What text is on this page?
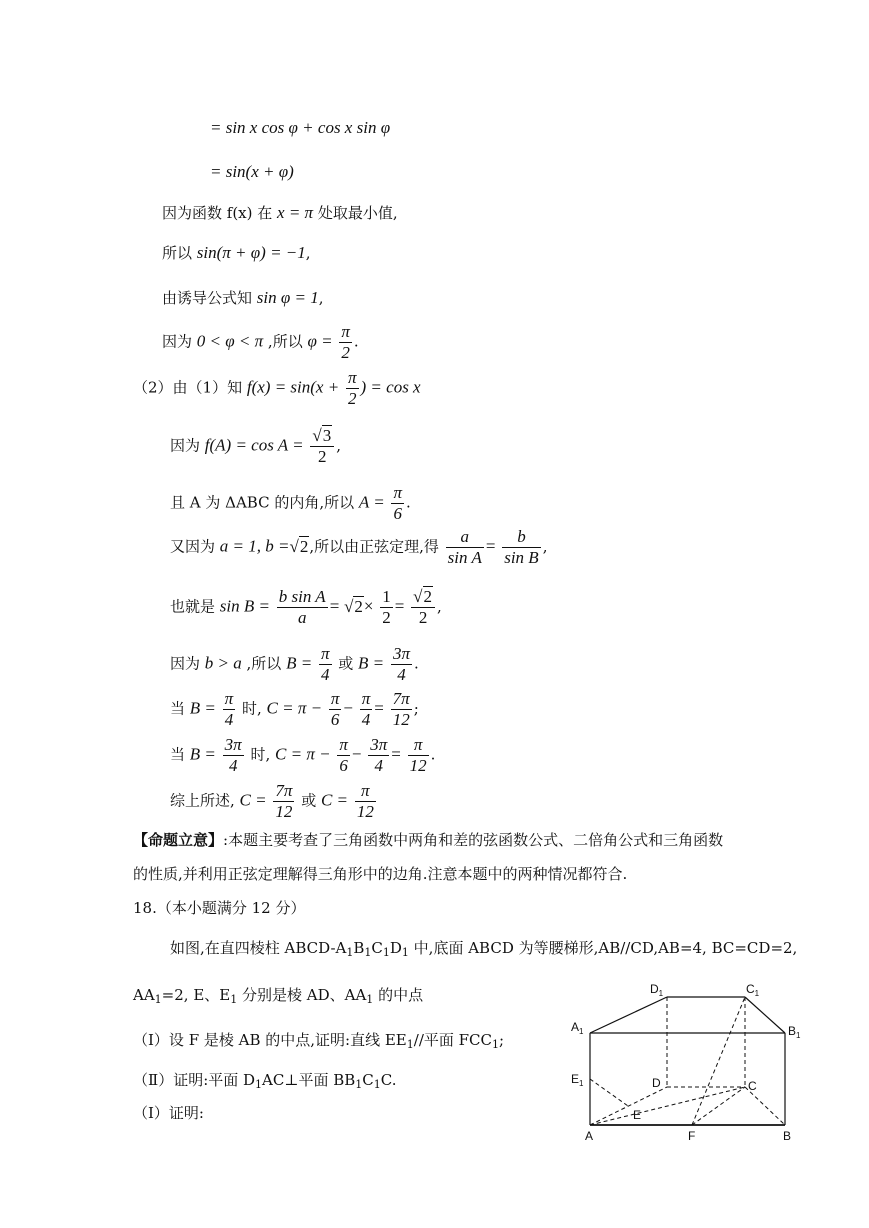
= sin x cos φ + cos x sin φ
= sin(x + φ)
因为函数 f(x) 在 x = π 处取最小值,
所以 sin(π + φ) = −1,
由诱导公式知 sin φ = 1,
因为 0 < φ < π ,所以 $\varphi = \frac{\pi}{2}$ .
（2）由（1）知 $f(x) = \sin(x + \frac{\pi}{2}$ ) = cos x
因为 $f(A) = \cos A = \frac{√3}{2}$ ,
且 A 为 ΔABC 的内角,所以 $A = \frac{\pi}{6}$ .
又因为 a = 1, b =√2,所以由正弦定理,得 $\frac{a}{\text{sin A}} = \frac{b}{\text{sin B}}$ ,
也就是 $\sin B = \frac{\text{b sin A}}{a} = √2\times \frac{1}{2} = \frac{√2}{2}$ ,
因为 b > a ,所以 $B = \frac{\pi}{4}$ 或 $B = \frac{3\pi}{4}$ .
当 $B = \frac{\pi}{4}$ 时, $C = \pi - \frac{\pi}{6} - \frac{\pi}{4} = \frac{7\pi}{12}$ ;
当 $B = \frac{3\pi}{4}$ 时, $C = \pi - \frac{\pi}{6} - \frac{3\pi}{4} = \frac{\pi}{12}$ .
综上所述, $C = \frac{7\pi}{12}$ 或 $C = \frac{\pi}{12}$
【命题立意】:本题主要考查了三角函数中两角和差的弦函数公式、二倍角公式和三角函数
的性质,并利用正弦定理解得三角形中的边角.注意本题中的两种情况都符合.
18.（本小题满分 12 分）
如图,在直四棱柱 ABCD-$A_1B_1C_1D_1$ 中,底面 ABCD 为等腰梯形,AB//CD,AB=4, BC=CD=2,
$AA_1=2$, E、$E_1$ 分别是棱 AD、$AA_1$ 的中点
（Ⅰ）设 F 是棱 AB 的中点,证明:直线 $EE_1//$平面 $FCC_1$;
（Ⅱ）证明:平面 $D_1AC\perp$平面 $BB_1C_1C$.
（Ⅰ）证明:
$D_1$	$C_1$
$A_1$	$B_1$
$E_1$	D	C
E
A	F	B
